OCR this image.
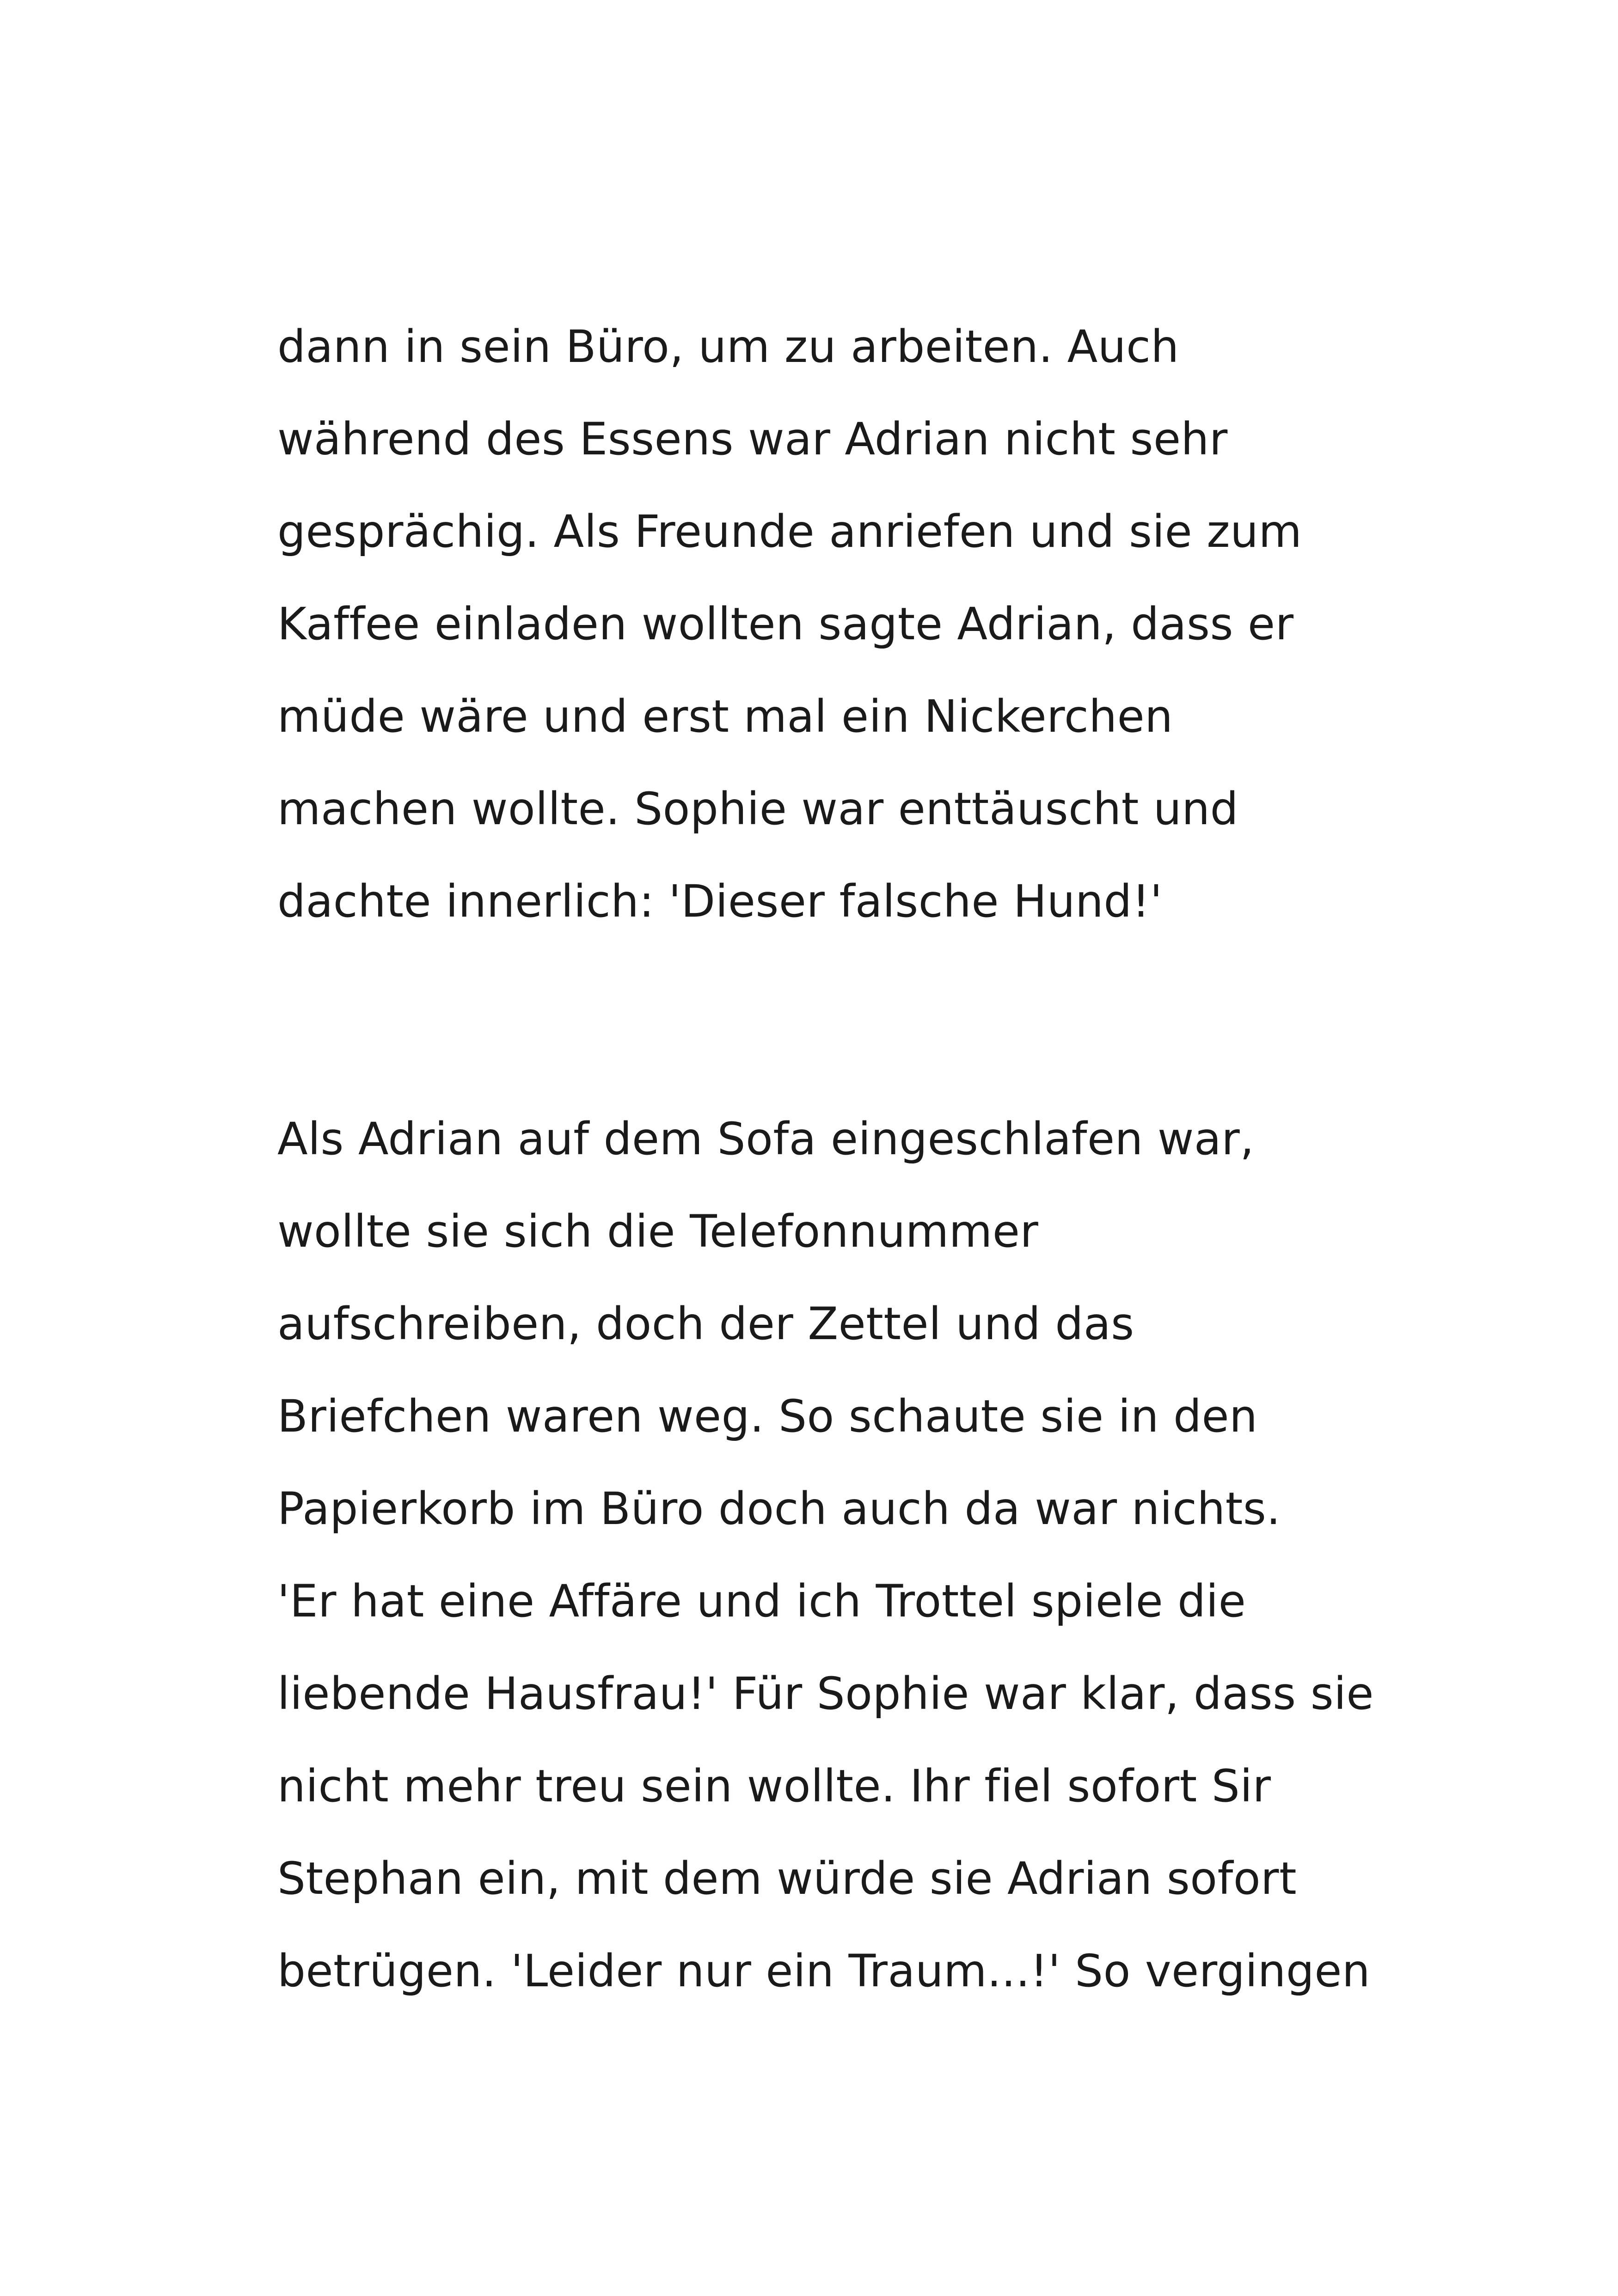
dann in sein Büro, um zu arbeiten. Auch
während des Essens war Adrian nicht sehr
gesprächig. Als Freunde anriefen und sie zum
Kaffee einladen wollten sagte Adrian, dass er
müde wäre und erst mal ein Nickerchen
machen wollte. Sophie war enttäuscht und
dachte innerlich: 'Dieser falsche Hund!'
Als Adrian auf dem Sofa eingeschlafen war,
wollte sie sich die Telefonnummer
aufschreiben, doch der Zettel und das
Briefchen waren weg. So schaute sie in den
Papierkorb im Büro doch auch da war nichts.
'Er hat eine Affäre und ich Trottel spiele die
liebende Hausfrau!' Für Sophie war klar, dass sie
nicht mehr treu sein wollte. Ihr fiel sofort Sir
Stephan ein, mit dem würde sie Adrian sofort
betrügen. 'Leider nur ein Traum...!' So vergingen
